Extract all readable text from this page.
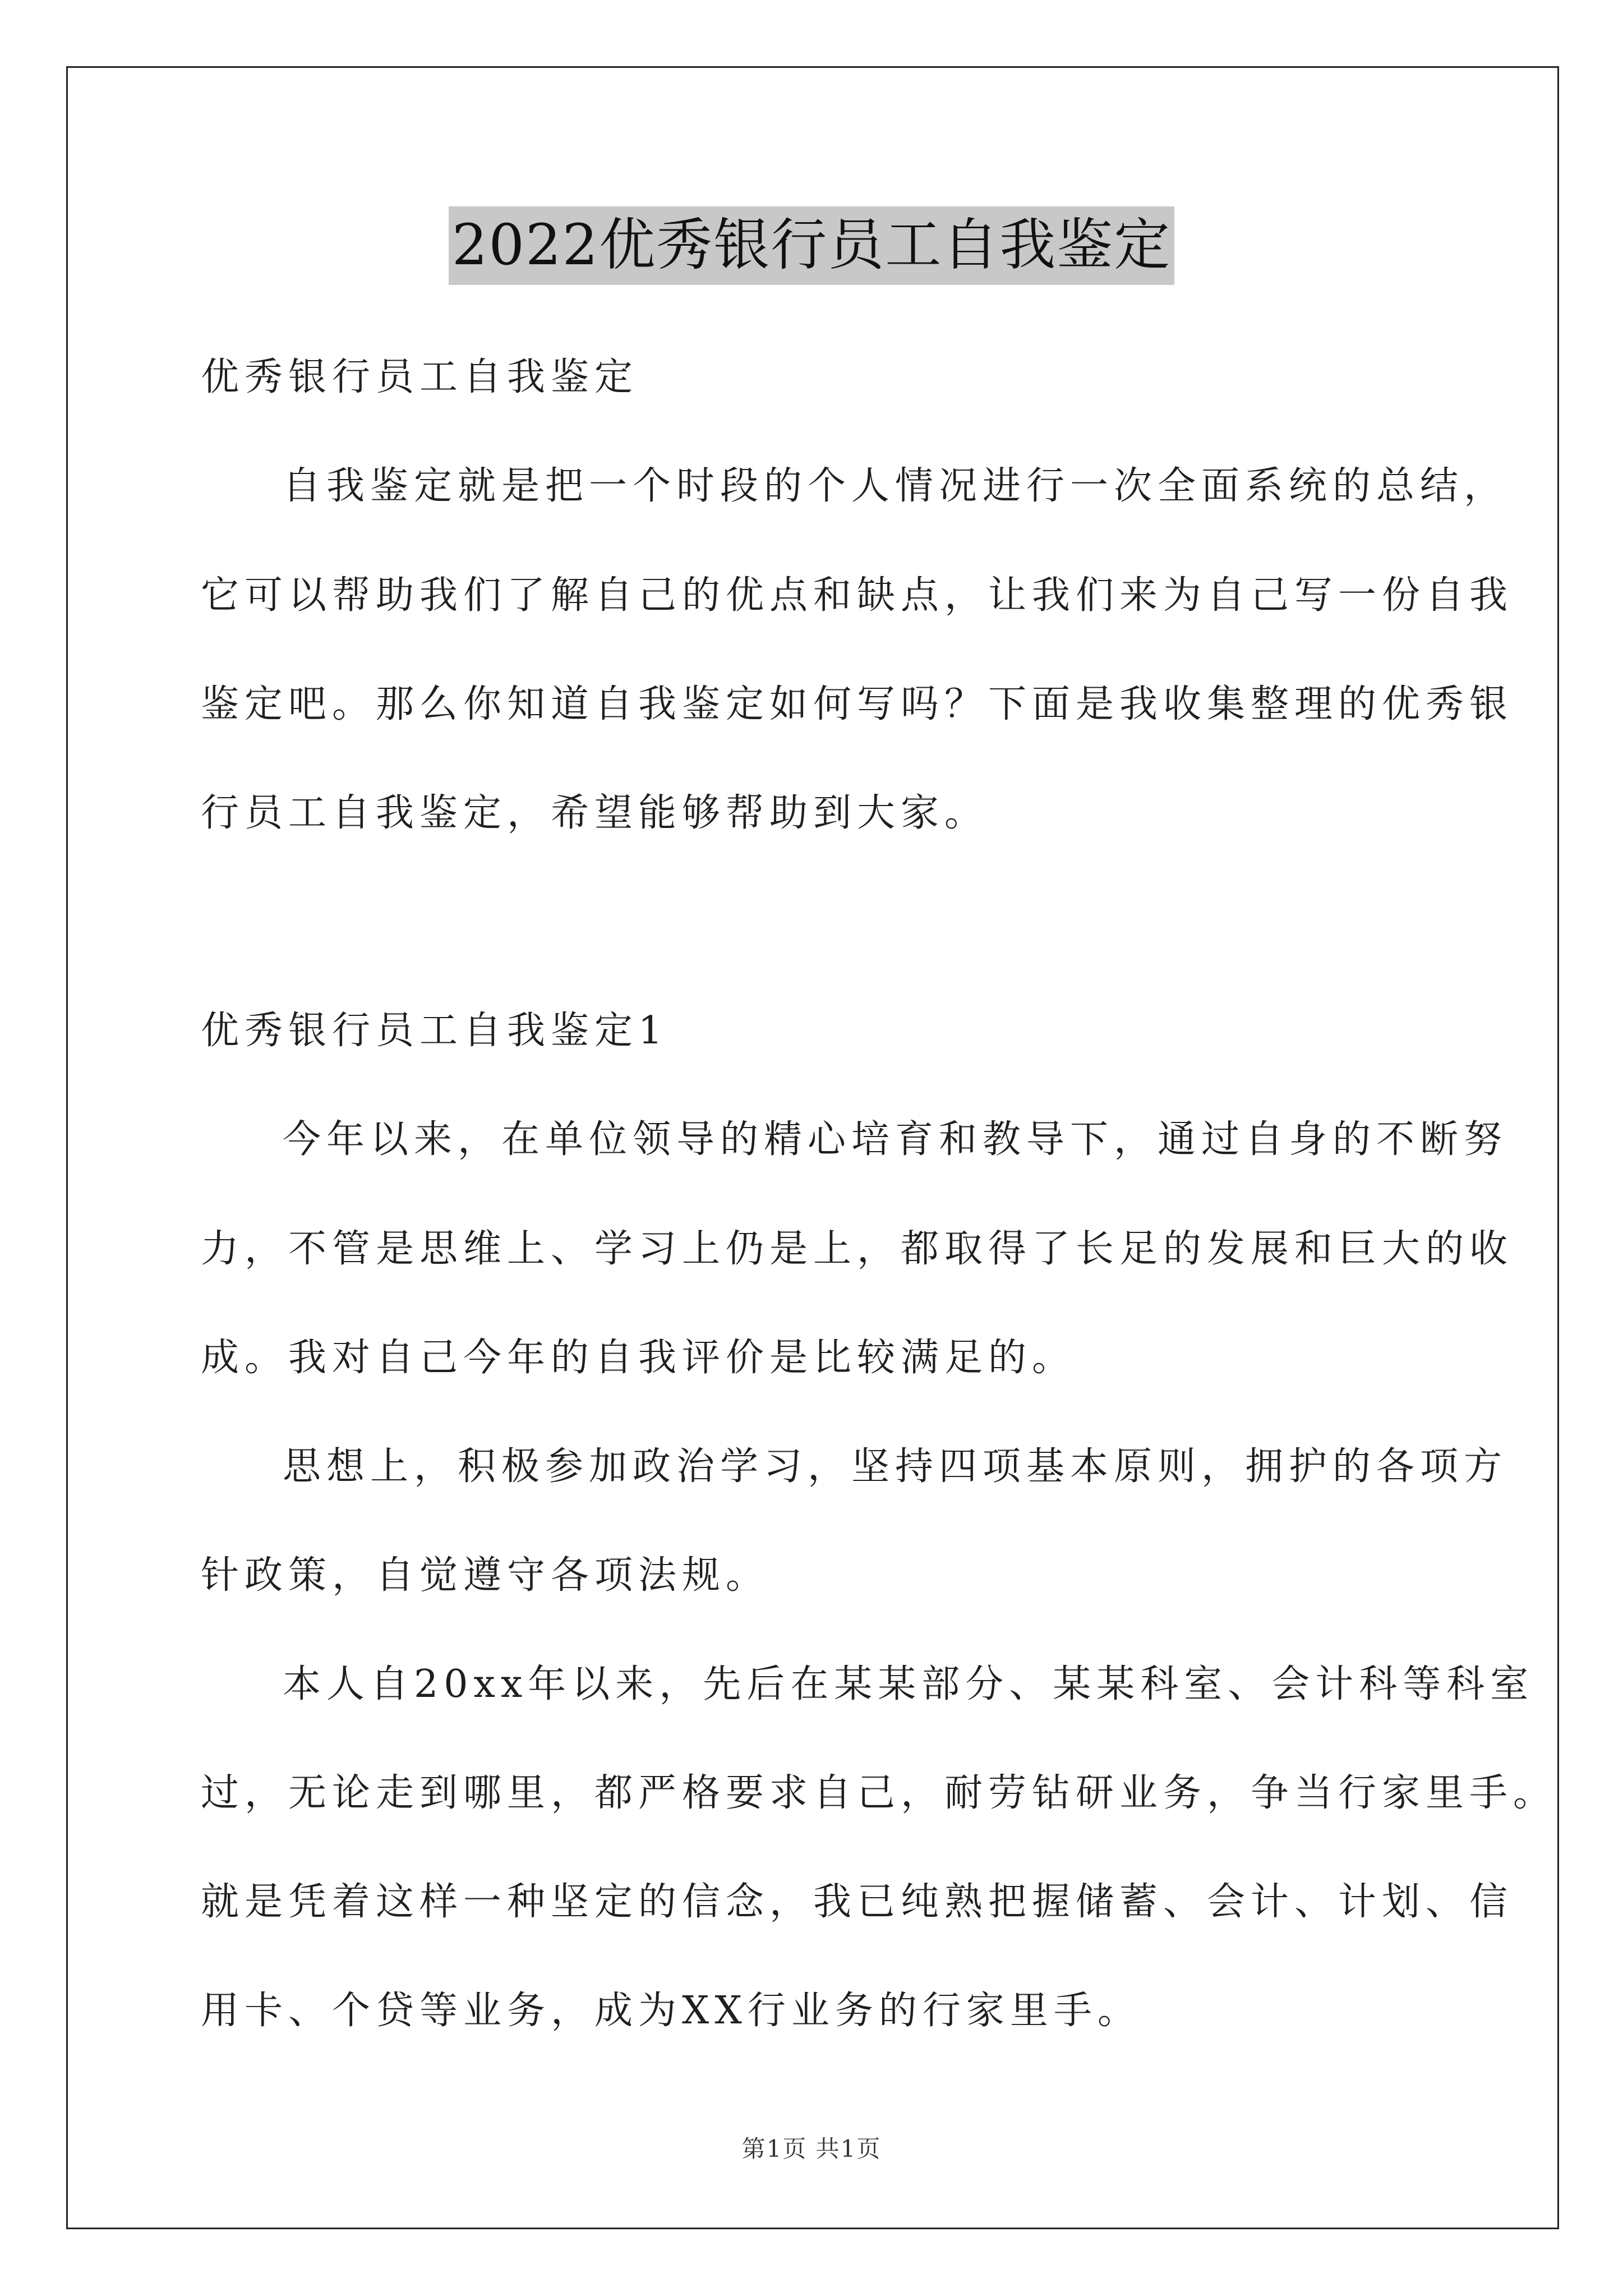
2022优秀银行员工自我鉴定
优秀银行员工自我鉴定
自我鉴定就是把一个时段的个人情况进行一次全面系统的总结，
它可以帮助我们了解自己的优点和缺点，让我们来为自己写一份自我
鉴定吧。那么你知道自我鉴定如何写吗？下面是我收集整理的优秀银
行员工自我鉴定，希望能够帮助到大家。
优秀银行员工自我鉴定1
今年以来，在单位领导的精心培育和教导下，通过自身的不断努
力，不管是思维上、学习上仍是上，都取得了长足的发展和巨大的收
成。我对自己今年的自我评价是比较满足的。
思想上，积极参加政治学习，坚持四项基本原则，拥护的各项方
针政策，自觉遵守各项法规。
本人自20xx年以来，先后在某某部分、某某科室、会计科等科室
过，无论走到哪里，都严格要求自己，耐劳钻研业务，争当行家里手。
就是凭着这样一种坚定的信念，我已纯熟把握储蓄、会计、计划、信
用卡、个贷等业务，成为XX行业务的行家里手。
第1页 共1页
